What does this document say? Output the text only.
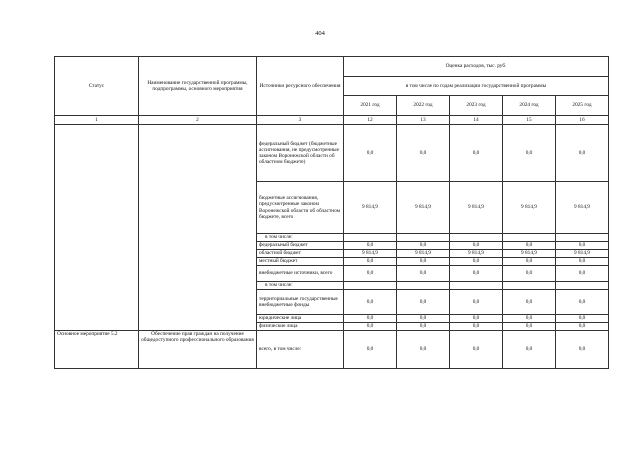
404
Статус	Наименование государственной программы, подпрограммы, основного мероприятия	Источники ресурсного обеспечения	Оценка расходов, тыс. руб.				
			в том числе по годам реализации государственной программы				
			2021 год	2022 год	2023 год	2024 год	2025 год
1	2	3	12	13	14	15	16
		федеральный бюджет (бюджетные ассигнования, не предусмотренные законом Воронежской области об областном бюджете)	0,0	0,0	0,0	0,0	0,0
		бюджетные ассигнования, предусмотренные законом Воронежской области об областном бюджете, всего	9 814,9	9 814,9	9 814,9	9 814,9	9 814,9
		в том числе:					
		федеральный бюджет	0,0	0,0	0,0	0,0	0,0
		областной бюджет	9 814,9	9 814,9	9 814,9	9 814,9	9 814,9
		местный бюджет	0,0	0,0	0,0	0,0	0,0
		внебюджетные источники, всего	0,0	0,0	0,0	0,0	0,0
		в том числе:					
		территориальные государственные внебюджетные фонды	0,0	0,0	0,0	0,0	0,0
		юридические лица	0,0	0,0	0,0	0,0	0,0
		физические лица	0,0	0,0	0,0	0,0	0,0
Основное мероприятие 5.2	Обеспечение прав граждан на получение общедоступного профессионального образования	всего, в том числе:	0,0	0,0	0,0	0,0	0,0
